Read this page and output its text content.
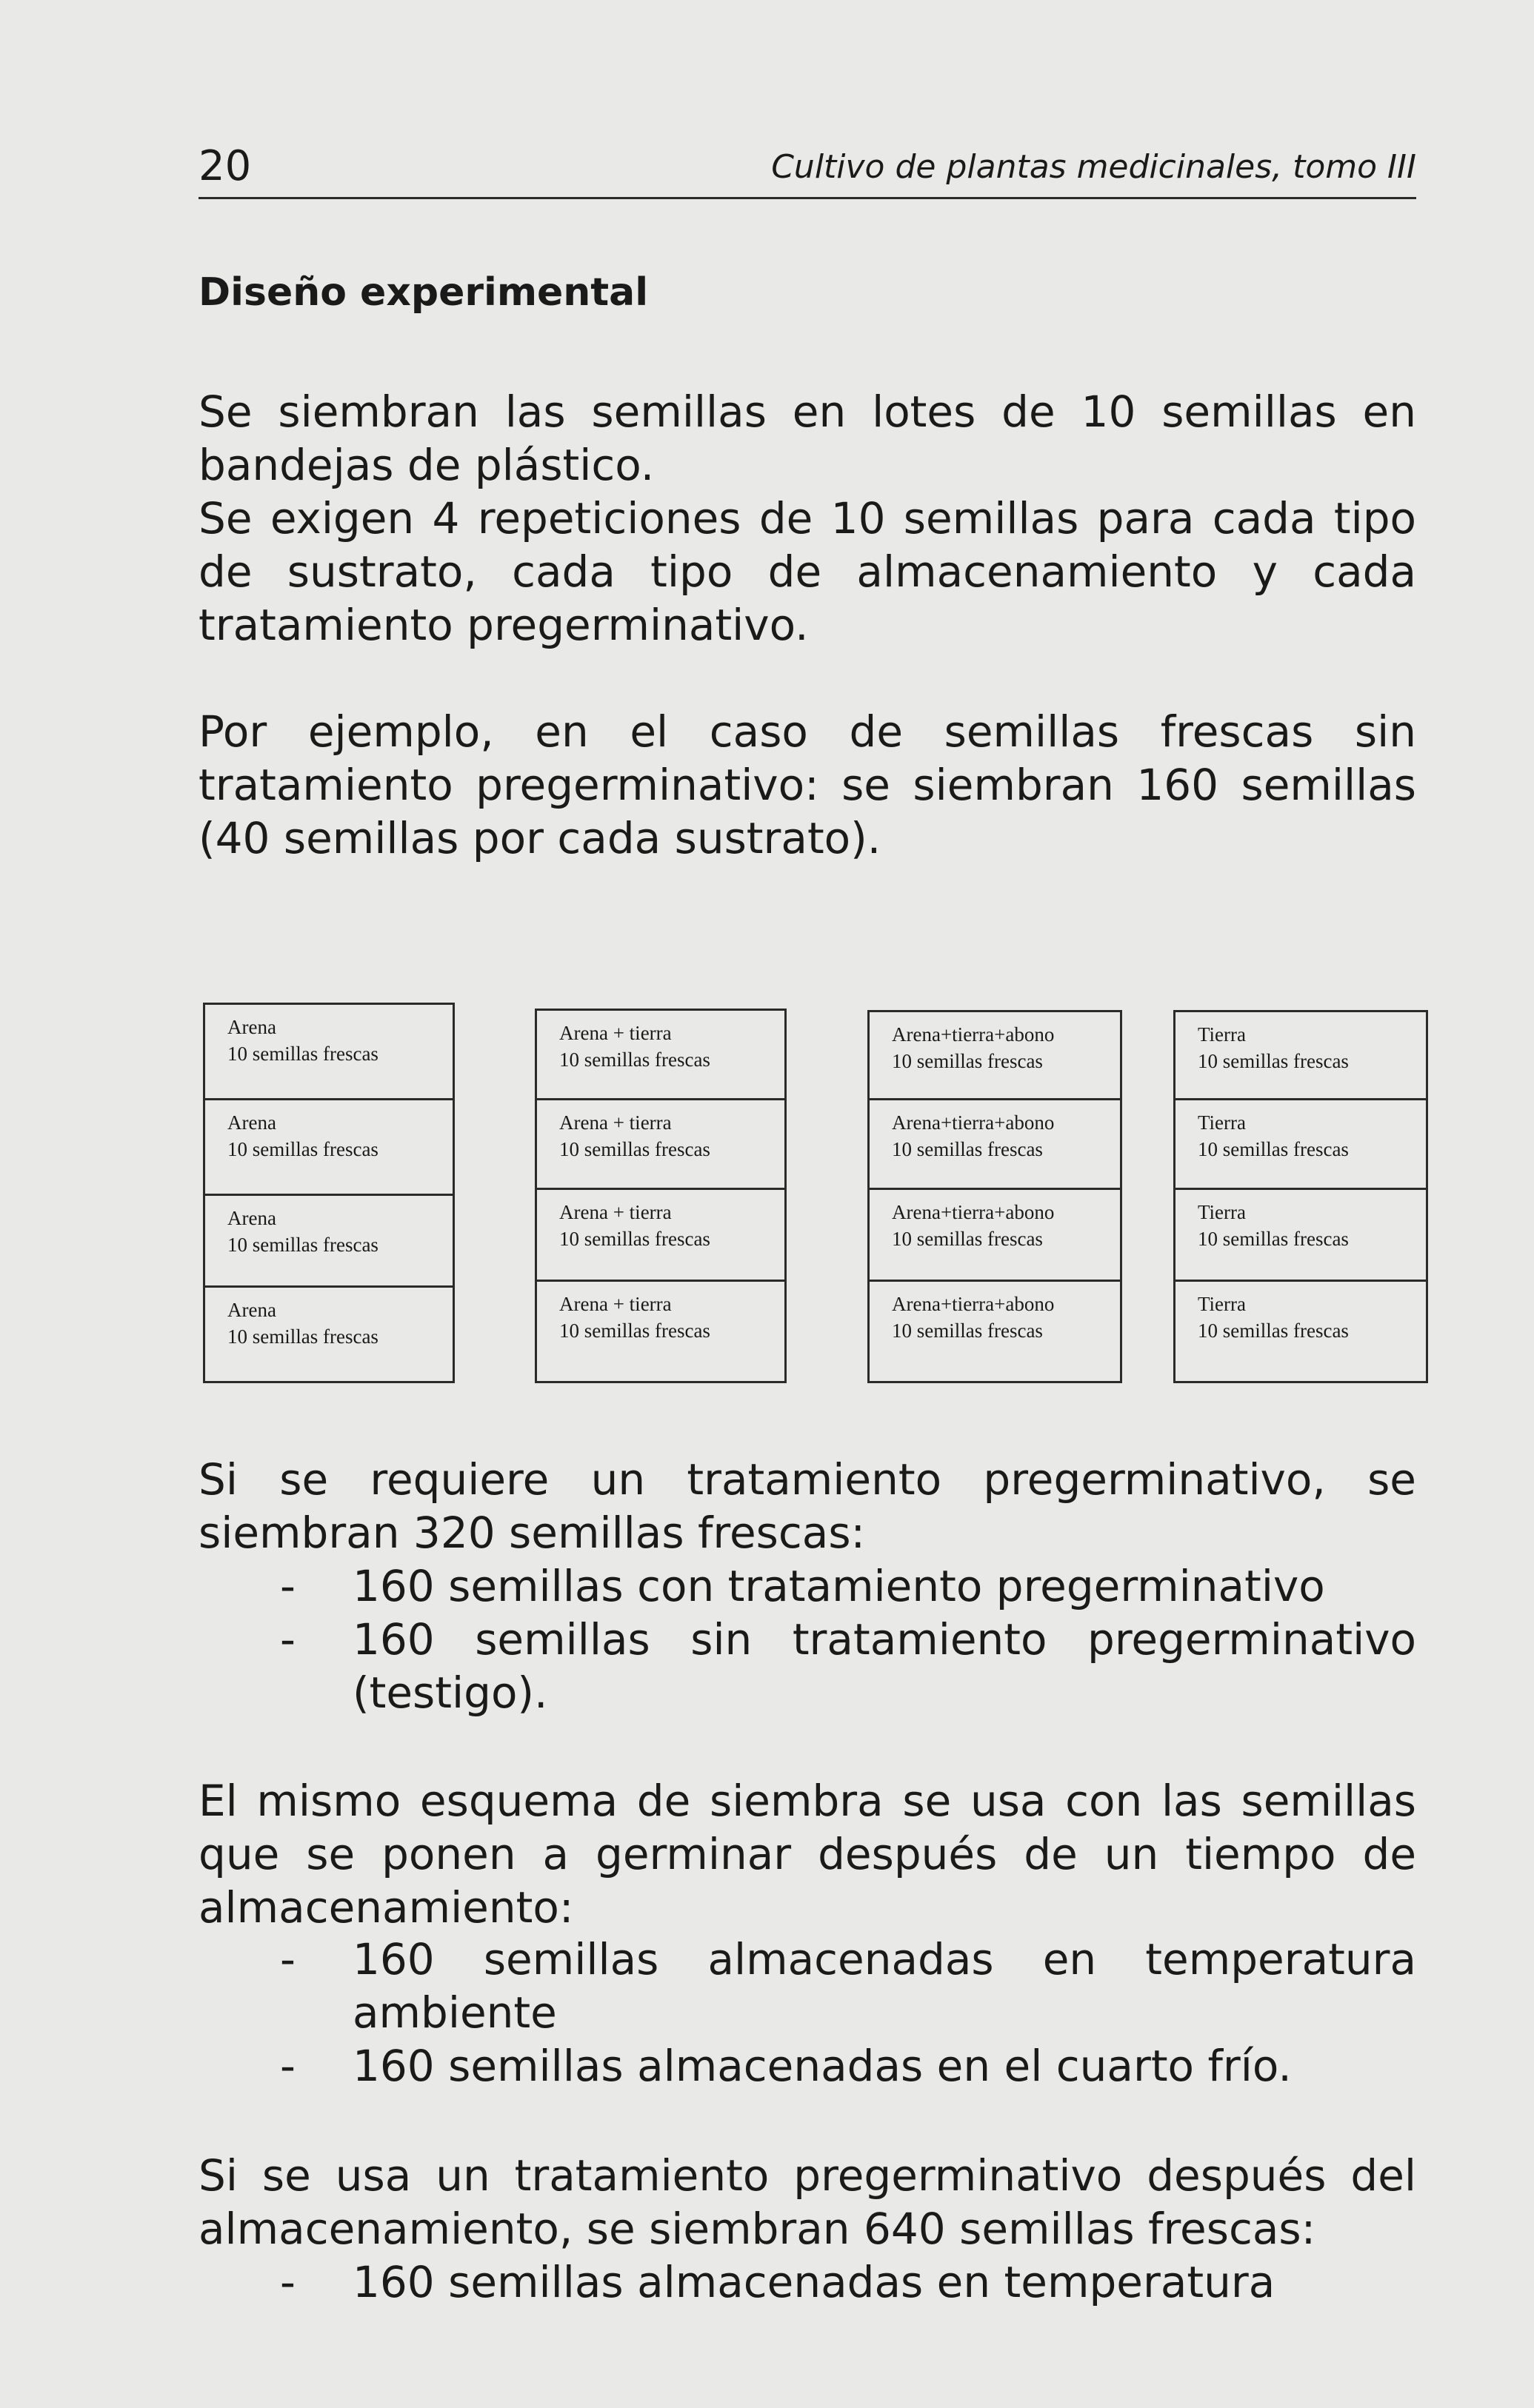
20	Cultivo de plantas medicinales, tomo III
Diseño experimental
Se siembran las semillas en lotes de 10 semillas en bandejas de plástico.
Se exigen 4 repeticiones de 10 semillas para cada tipo de sustrato, cada tipo de almacenamiento y cada tratamiento pregerminativo.
Por ejemplo, en el caso de semillas frescas sin tratamiento pregerminativo: se siembran 160 semillas (40 semillas por cada sustrato).
Arena
10 semillas frescas
Arena
10 semillas frescas
Arena
10 semillas frescas
Arena
10 semillas frescas
Arena + tierra
10 semillas frescas
Arena + tierra
10 semillas frescas
Arena + tierra
10 semillas frescas
Arena + tierra
10 semillas frescas
Arena+tierra+abono
10 semillas frescas
Arena+tierra+abono
10 semillas frescas
Arena+tierra+abono
10 semillas frescas
Arena+tierra+abono
10 semillas frescas
Tierra
10 semillas frescas
Tierra
10 semillas frescas
Tierra
10 semillas frescas
Tierra
10 semillas frescas
Si se requiere un tratamiento pregerminativo, se siembran 320 semillas frescas:
- 160 semillas con tratamiento pregerminativo
- 160 semillas sin tratamiento pregerminativo (testigo).
El mismo esquema de siembra se usa con las semillas que se ponen a germinar después de un tiempo de almacenamiento:
- 160 semillas almacenadas en temperatura ambiente
- 160 semillas almacenadas en el cuarto frío.
Si se usa un tratamiento pregerminativo después del almacenamiento, se siembran 640 semillas frescas:
- 160 semillas almacenadas en temperatura
